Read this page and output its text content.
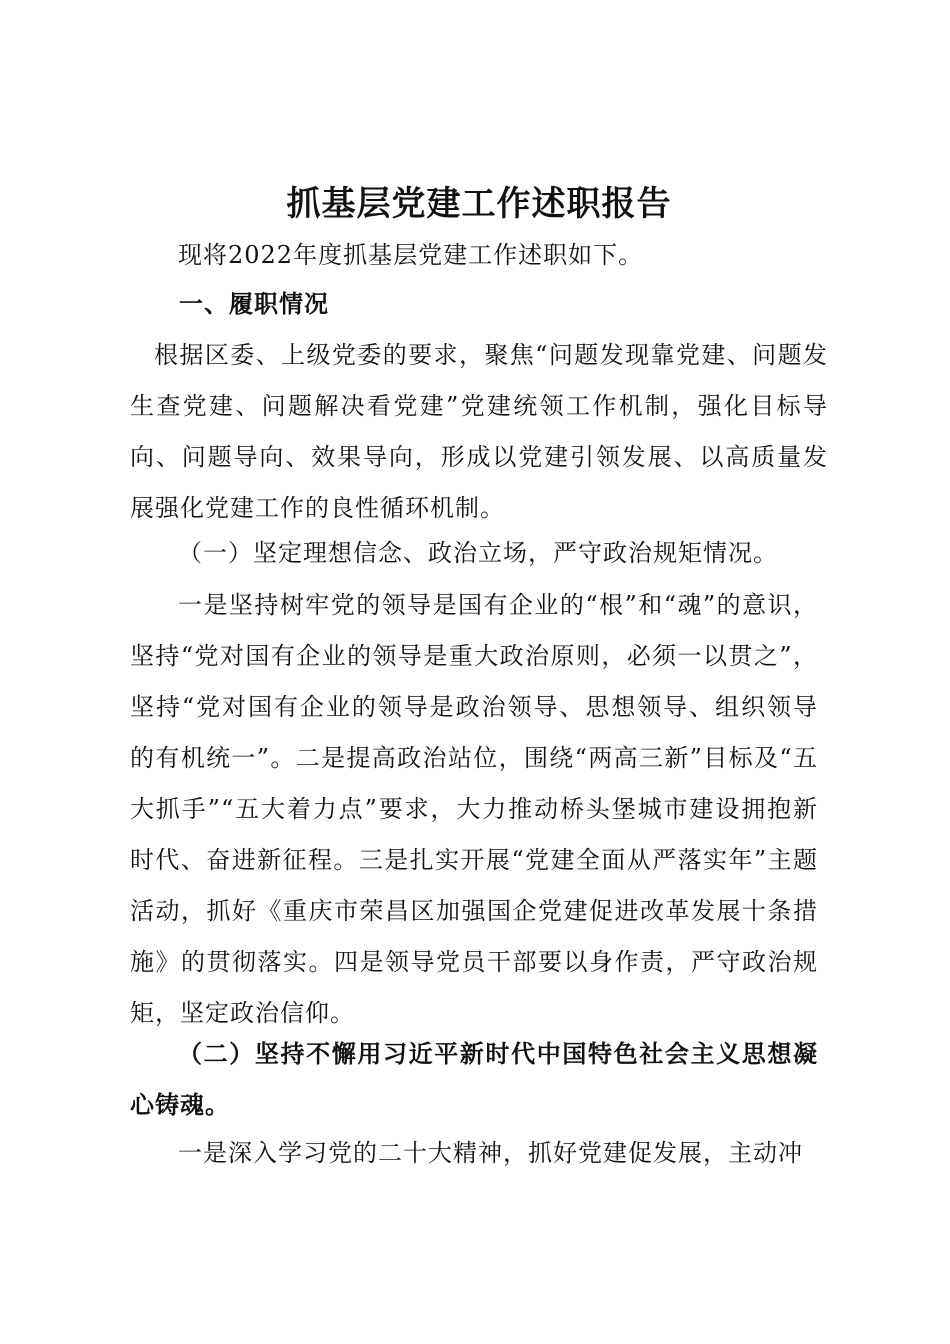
抓基层党建工作述职报告
现将2022年度抓基层党建工作述职如下。
一、履职情况
根据区委、上级党委的要求，聚焦“问题发现靠党建、问题发生查党建、问题解决看党建”党建统领工作机制，强化目标导向、问题导向、效果导向，形成以党建引领发展、以高质量发展强化党建工作的良性循环机制。
（一）坚定理想信念、政治立场，严守政治规矩情况。
一是坚持树牢党的领导是国有企业的“根”和“魂”的意识，坚持“党对国有企业的领导是重大政治原则，必须一以贯之”，坚持“党对国有企业的领导是政治领导、思想领导、组织领导的有机统一”。二是提高政治站位，围绕“两高三新”目标及“五大抓手”“五大着力点”要求，大力推动桥头堡城市建设拥抱新时代、奋进新征程。三是扎实开展“党建全面从严落实年”主题活动，抓好《重庆市荣昌区加强国企党建促进改革发展十条措施》的贯彻落实。四是领导党员干部要以身作责，严守政治规矩，坚定政治信仰。
（二）坚持不懈用习近平新时代中国特色社会主义思想凝心铸魂。
一是深入学习党的二十大精神，抓好党建促发展，主动冲
